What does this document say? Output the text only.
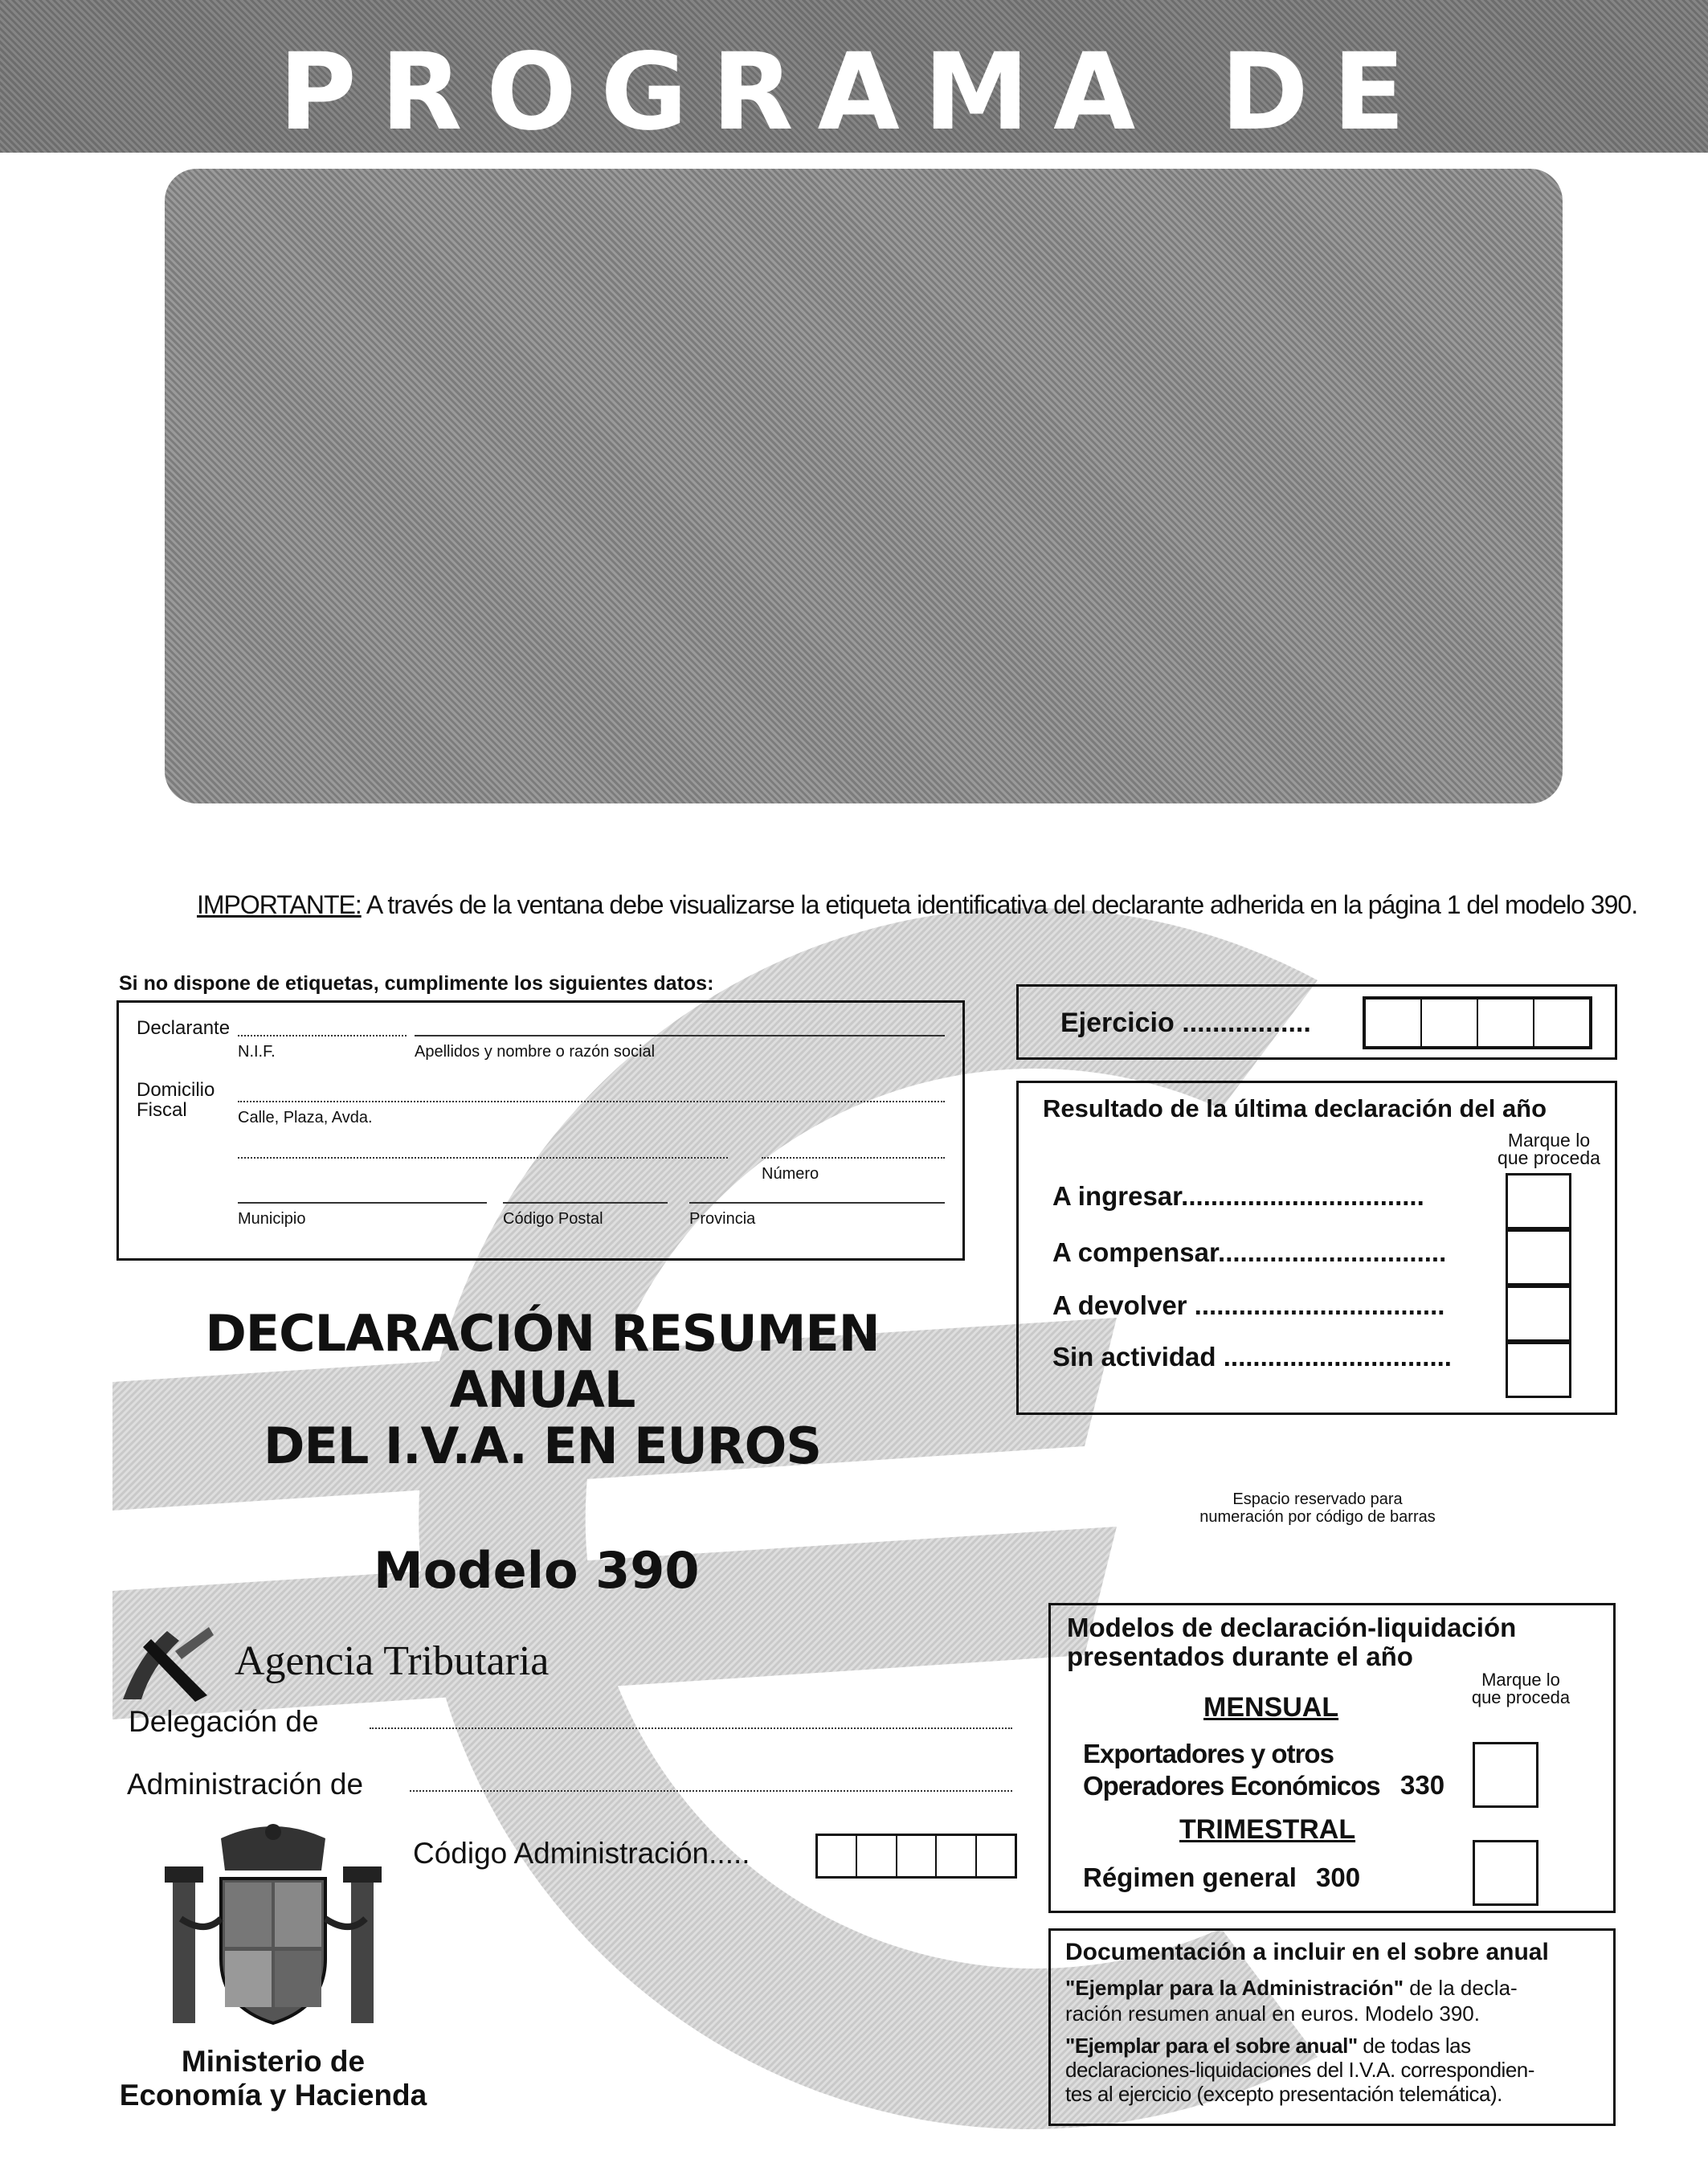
PROGRAMA DE
IMPORTANTE: A través de la ventana debe visualizarse la etiqueta identificativa del declarante adherida en la página 1 del modelo 390.
Si no dispone de etiquetas, cumplimente los siguientes datos:
Declarante
N.I.F.	Apellidos y nombre o razón social
Domicilio
Fiscal	Calle, Plaza, Avda.
Número
Municipio	Código Postal	Provincia
Ejercicio .................
Resultado de la última declaración del año
Marque lo
que proceda
A ingresar.................................
A compensar...............................
A devolver ..................................
Sin actividad ...............................
DECLARACIÓN RESUMEN
ANUAL
DEL I.V.A. EN EUROS
Modelo 390
Espacio reservado para
numeración por código de barras
Agencia Tributaria
Delegación de
Administración de
Código Administración.....
Ministerio de
Economía y Hacienda
Modelos de declaración-liquidación
presentados durante el año
Marque lo
que proceda
MENSUAL
Exportadores y otros
Operadores Económicos 330
TRIMESTRAL
Régimen general 300
Documentación a incluir en el sobre anual
"Ejemplar para la Administración" de la decla-
ración resumen anual en euros. Modelo 390.
"Ejemplar para el sobre anual" de todas las
declaraciones-liquidaciones del I.V.A. correspondien-
tes al ejercicio (excepto presentación telemática).
